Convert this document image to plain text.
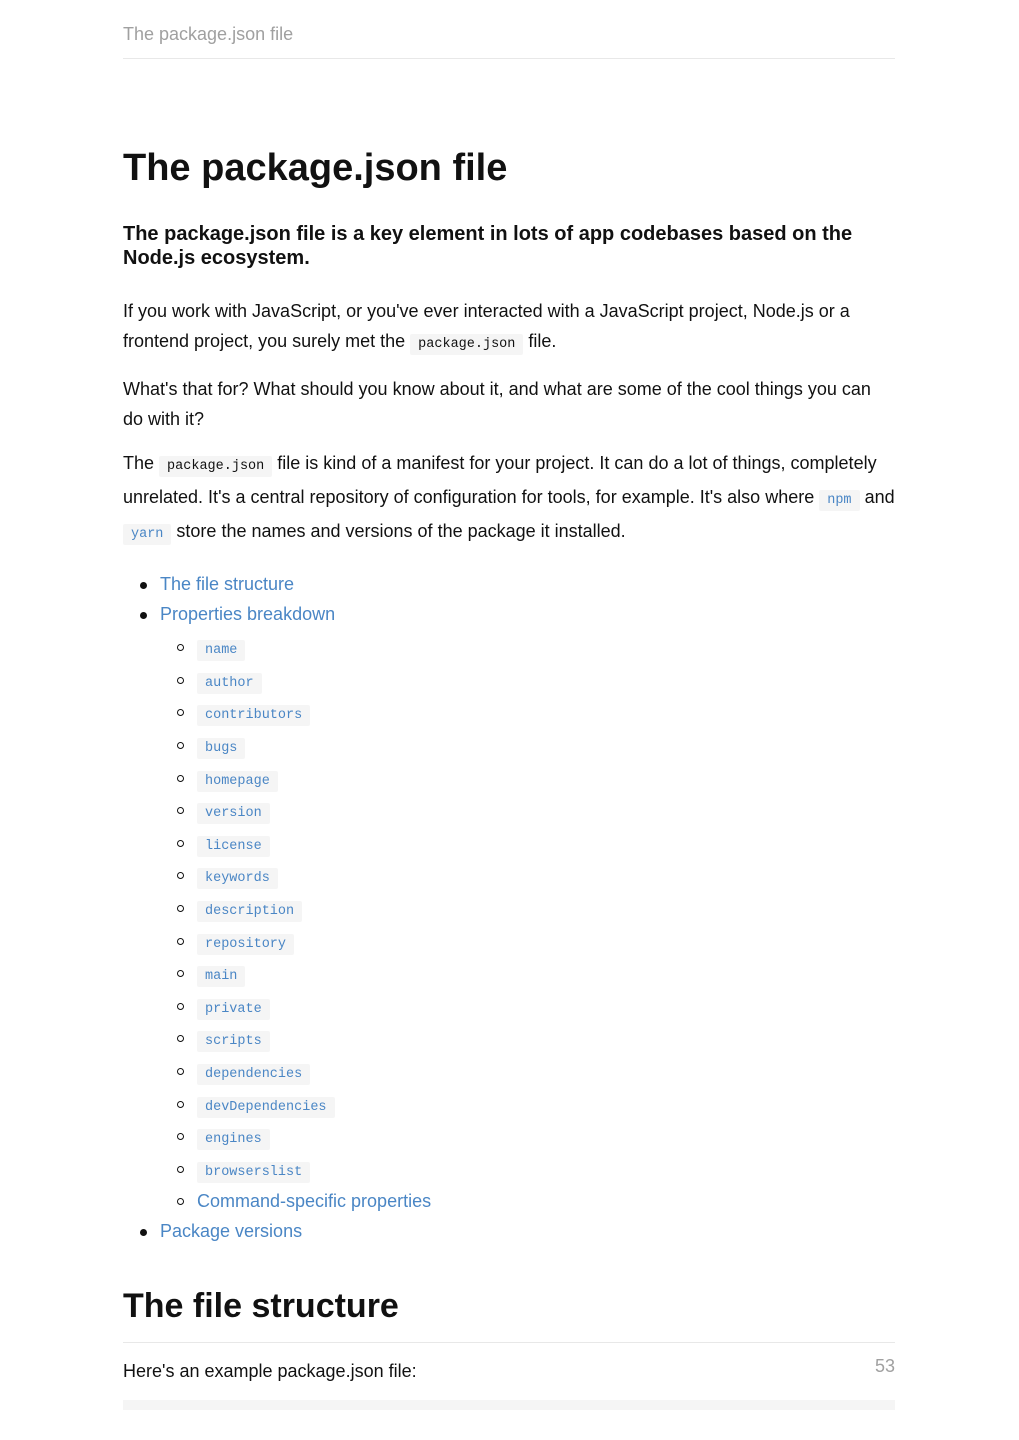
The package.json file
The package.json file
The package.json file is a key element in lots of app codebases based on the Node.js ecosystem.

If you work with JavaScript, or you've ever interacted with a JavaScript project, Node.js or a frontend project, you surely met the package.json file.

What's that for? What should you know about it, and what are some of the cool things you can do with it?

The package.json file is kind of a manifest for your project. It can do a lot of things, completely unrelated. It's a central repository of configuration for tools, for example. It's also where npm and yarn store the names and versions of the package it installed.

The file structure
Properties breakdown
name
author
contributors
bugs
homepage
version
license
keywords
description
repository
main
private
scripts
dependencies
devDependencies
engines
browserslist
Command-specific properties
Package versions
The file structure

Here's an example package.json file:	53
